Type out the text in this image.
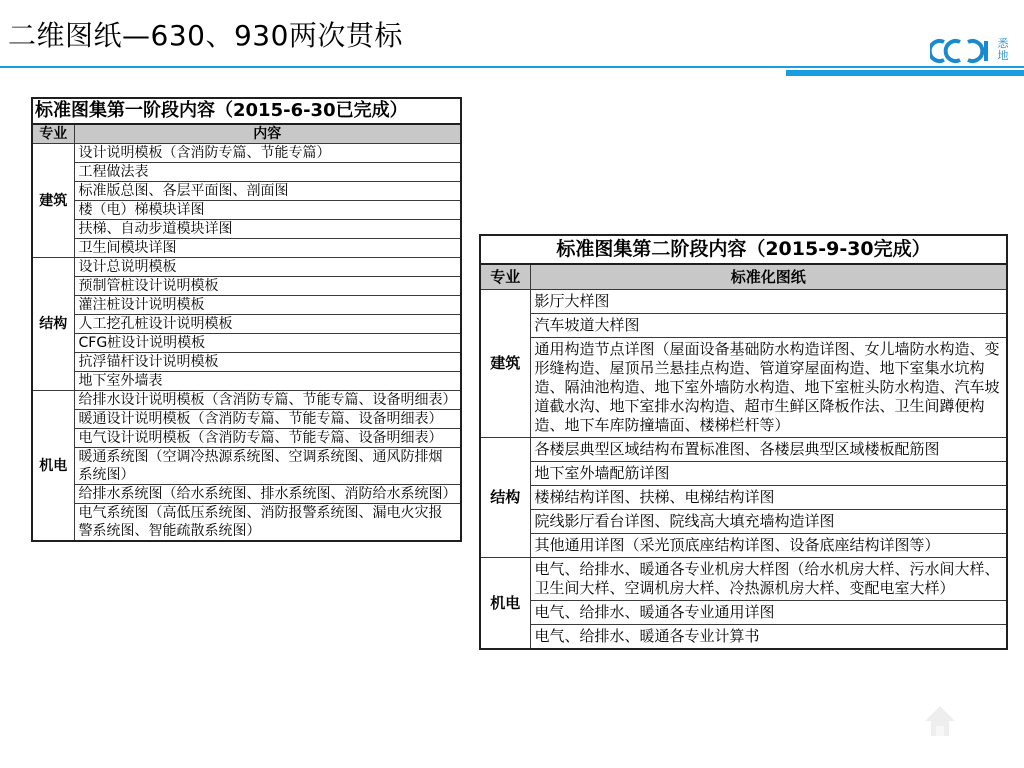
二维图纸—630、930两次贯标	悉
地
标准图集第一阶段内容（2015-6-30已完成）	
专业	内容
建筑	设计说明模板（含消防专篇、节能专篇）
	工程做法表
	标准版总图、各层平面图、剖面图
	楼（电）梯模块详图
	扶梯、自动步道模块详图
	卫生间模块详图
结构	设计总说明模板
	预制管桩设计说明模板
	灌注桩设计说明模板
	人工挖孔桩设计说明模板
	CFG桩设计说明模板
	抗浮锚杆设计说明模板
	地下室外墙表
机电	给排水设计说明模板（含消防专篇、节能专篇、设备明细表）
	暖通设计说明模板（含消防专篇、节能专篇、设备明细表）
	电气设计说明模板（含消防专篇、节能专篇、设备明细表）
	暖通系统图（空调冷热源系统图、空调系统图、通风防排烟系统图）
	给排水系统图（给水系统图、排水系统图、消防给水系统图）
	电气系统图（高低压系统图、消防报警系统图、漏电火灾报警系统图、智能疏散系统图）
标准图集第二阶段内容（2015-9-30完成）	
专业	标准化图纸
建筑	影厅大样图
	汽车坡道大样图
	通用构造节点详图（屋面设备基础防水构造详图、女儿墙防水构造、变形缝构造、屋顶吊兰悬挂点构造、管道穿屋面构造、地下室集水坑构造、隔油池构造、地下室外墙防水构造、地下室桩头防水构造、汽车坡道截水沟、地下室排水沟构造、超市生鲜区降板作法、卫生间蹲便构造、地下车库防撞墙面、楼梯栏杆等）
结构	各楼层典型区域结构布置标准图、各楼层典型区域楼板配筋图
	地下室外墙配筋详图
	楼梯结构详图、扶梯、电梯结构详图
	院线影厅看台详图、院线高大填充墙构造详图
	其他通用详图（采光顶底座结构详图、设备底座结构详图等）
机电	电气、给排水、暖通各专业机房大样图（给水机房大样、污水间大样、卫生间大样、空调机房大样、冷热源机房大样、变配电室大样）
	电气、给排水、暖通各专业通用详图
	电气、给排水、暖通各专业计算书
